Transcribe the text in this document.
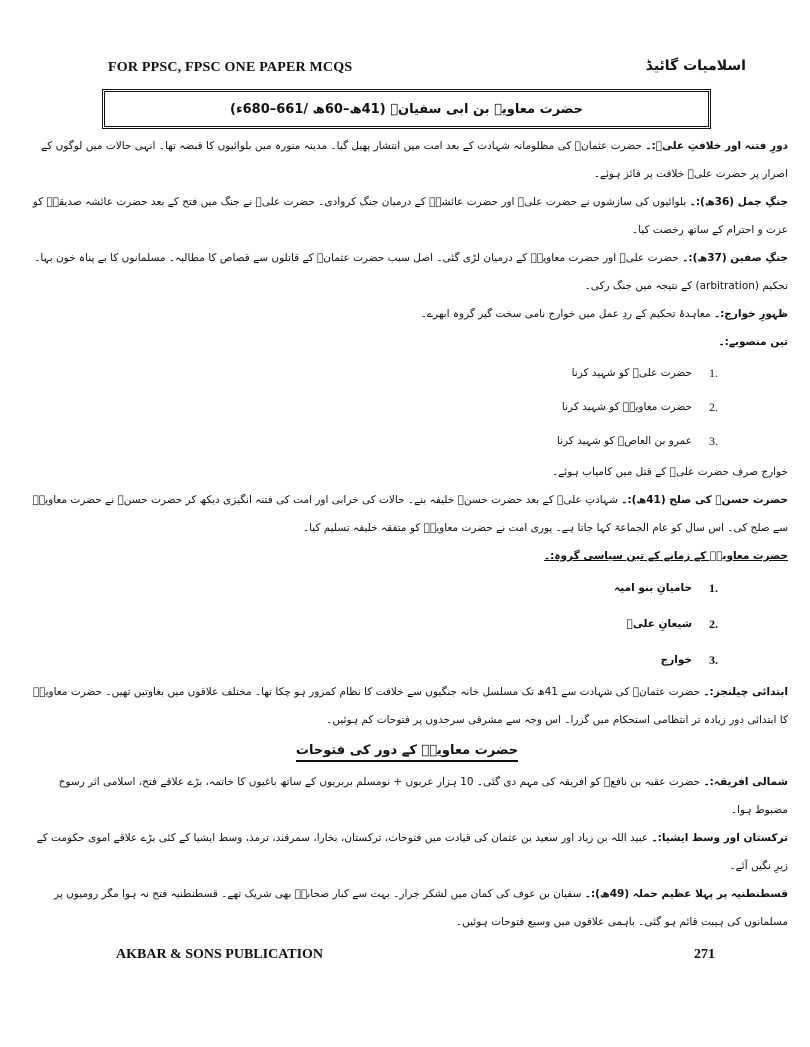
FOR PPSC, FPSC ONE PAPER MCQS	اسلامیات گائیڈ
حضرت معاویہ بن ابی سفیانؓ (41ھ–60ھ /661–680ء)

دورِ فتنہ اور خلافتِ علیؓ:۔ حضرت عثمانؓ کی مظلومانہ شہادت کے بعد امت میں انتشار پھیل گیا۔ مدینہ منورہ میں بلوائیوں کا قبضہ تھا۔ انہی حالات میں لوگوں کے اصرار پر حضرت علیؓ خلافت پر فائز ہوئے۔

جنگِ جمل (36ھ):۔ بلوائیوں کی سازشوں نے حضرت علیؓ اور حضرت عائشہؓ کے درمیان جنگ کروادی۔ حضرت علیؓ نے جنگ میں فتح کے بعد حضرت عائشہ صدیقہؓ کو عزت و احترام کے ساتھ رخصت کیا۔

جنگِ صفین (37ھ):۔ حضرت علیؓ اور حضرت معاویہؓ کے درمیان لڑی گئی۔ اصل سبب حضرت عثمانؓ کے قاتلوں سے قصاص کا مطالبہ۔ مسلمانوں کا بے پناہ خون بہا۔ تحکیم (arbitration) کے نتیجہ میں جنگ رکی۔

ظہورِ خوارج:۔ معاہدۂ تحکیم کے ردِ عمل میں خوارج نامی سخت گیر گروہ ابھرے۔

تین منصوبے:۔

1.
حضرت علیؓ کو شہید کرنا
2.
حضرت معاویہؓ کو شہید کرنا
3.
عمرو بن العاصؓ کو شہید کرنا

خوارج صرف حضرت علیؓ کے قتل میں کامیاب ہوئے۔

حضرت حسنؓ کی صلح (41ھ):۔ شہادتِ علیؓ کے بعد حضرت حسنؓ خلیفہ بنے۔ حالات کی خرابی اور امت کی فتنہ انگیزی دیکھ کر حضرت حسنؓ نے حضرت معاویہؓ سے صلح کی۔ اس سال کو عام الجماعۃ کہا جاتا ہے۔ پوری امت نے حضرت معاویہؓ کو متفقہ خلیفہ تسلیم کیا۔

حضرت معاویہؓ کے زمانے کے تین سیاسی گروہ:۔

1.
حامیانِ بنو امیہ
2.
شیعانِ علیؓ
3.
خوارج

ابتدائی چیلنجز:۔ حضرت عثمانؓ کی شہادت سے 41ھ تک مسلسل خانہ جنگیوں سے خلافت کا نظام کمزور ہو چکا تھا۔ مختلف علاقوں میں بغاوتیں تھیں۔ حضرت معاویہؓ کا ابتدائی دور زیادہ تر انتظامی استحکام میں گزرا۔ اس وجہ سے مشرقی سرحدوں پر فتوحات کم ہوئیں۔

حضرت معاویہؓ کے دور کی فتوحات

شمالی افریقہ:۔ حضرت عقبہ بن نافعؓ کو افریقہ کی مہم دی گئی۔ 10 ہزار عربوں + نومسلم بربریوں کے ساتھ باغیوں کا خاتمہ، بڑے علاقے فتح، اسلامی اثر رسوخ مضبوط ہوا۔

ترکستان اور وسط ایشیا:۔ عبید اللہ بن زیاد اور سعید بن عثمان کی قیادت میں فتوحات، ترکستان، بخارا، سمرقند، ترمذ، وسط ایشیا کے کئی بڑے علاقے اموی حکومت کے زیرِ نگیں آئے۔

قسطنطنیہ پر پہلا عظیم حملہ (49ھ):۔ سفیان بن عوف کی کمان میں لشکر جرار۔ بہت سے کبار صحابہؓ بھی شریک تھے۔ قسطنطنیہ فتح نہ ہوا مگر رومیوں پر مسلمانوں کی ہیبت قائم ہو گئی۔ باہمی علاقوں میں وسیع فتوحات ہوئیں۔

AKBAR & SONS PUBLICATION	271
